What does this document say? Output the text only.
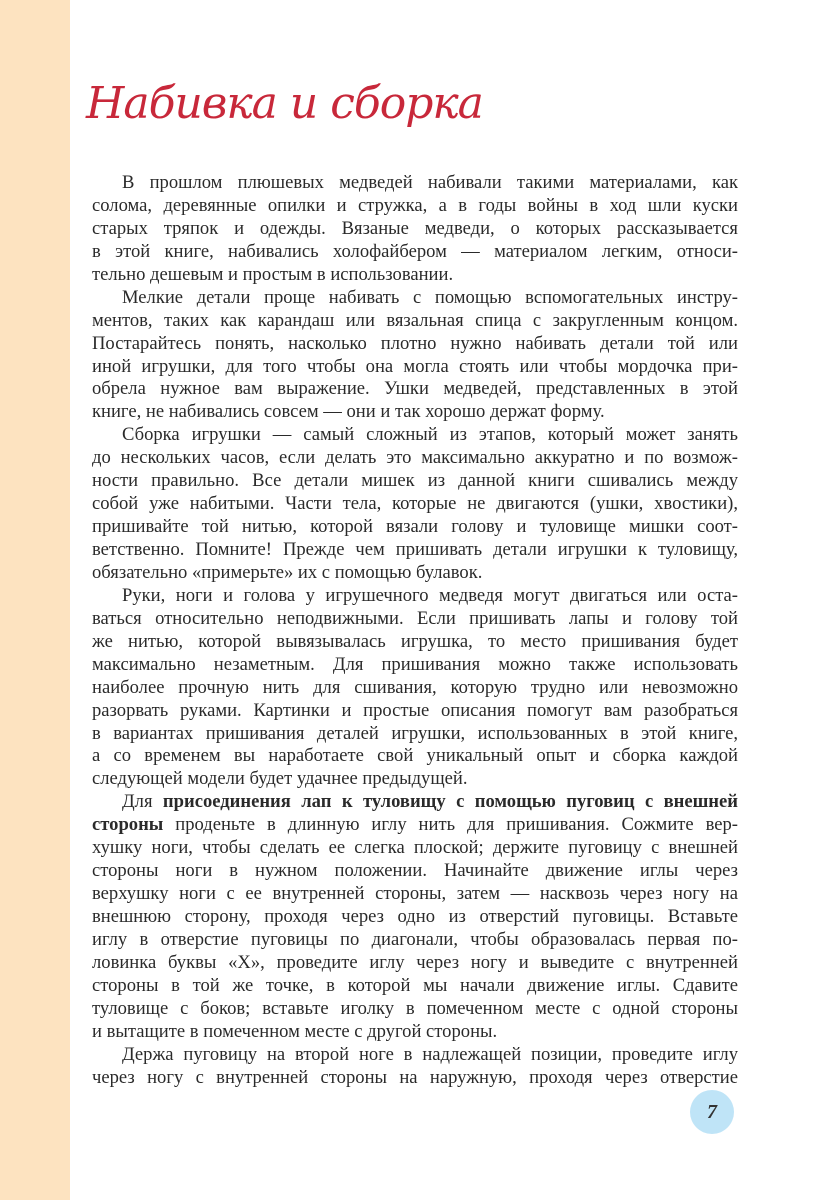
Набивка и сборка
В прошлом плюшевых медведей набивали такими материалами, как
солома, деревянные опилки и стружка, а в годы войны в ход шли куски
старых тряпок и одежды. Вязаные медведи, о которых рассказывается
в этой книге, набивались холофайбером — материалом легким, относи-
тельно дешевым и простым в использовании.
Мелкие детали проще набивать с помощью вспомогательных инстру-
ментов, таких как карандаш или вязальная спица с закругленным концом.
Постарайтесь понять, насколько плотно нужно набивать детали той или
иной игрушки, для того чтобы она могла стоять или чтобы мордочка при-
обрела нужное вам выражение. Ушки медведей, представленных в этой
книге, не набивались совсем — они и так хорошо держат форму.
Сборка игрушки — самый сложный из этапов, который может занять
до нескольких часов, если делать это максимально аккуратно и по возмож-
ности правильно. Все детали мишек из данной книги сшивались между
собой уже набитыми. Части тела, которые не двигаются (ушки, хвостики),
пришивайте той нитью, которой вязали голову и туловище мишки соот-
ветственно. Помните! Прежде чем пришивать детали игрушки к туловищу,
обязательно «примерьте» их с помощью булавок.
Руки, ноги и голова у игрушечного медведя могут двигаться или оста-
ваться относительно неподвижными. Если пришивать лапы и голову той
же нитью, которой вывязывалась игрушка, то место пришивания будет
максимально незаметным. Для пришивания можно также использовать
наиболее прочную нить для сшивания, которую трудно или невозможно
разорвать руками. Картинки и простые описания помогут вам разобраться
в вариантах пришивания деталей игрушки, использованных в этой книге,
а со временем вы наработаете свой уникальный опыт и сборка каждой
следующей модели будет удачнее предыдущей.
Для присоединения лап к туловищу с помощью пуговиц с внешней
стороны проденьте в длинную иглу нить для пришивания. Сожмите вер-
хушку ноги, чтобы сделать ее слегка плоской; держите пуговицу с внешней
стороны ноги в нужном положении. Начинайте движение иглы через
верхушку ноги с ее внутренней стороны, затем — насквозь через ногу на
внешнюю сторону, проходя через одно из отверстий пуговицы. Вставьте
иглу в отверстие пуговицы по диагонали, чтобы образовалась первая по-
ловинка буквы «Х», проведите иглу через ногу и выведите с внутренней
стороны в той же точке, в которой мы начали движение иглы. Сдавите
туловище с боков; вставьте иголку в помеченном месте с одной стороны
и вытащите в помеченном месте с другой стороны.
Держа пуговицу на второй ноге в надлежащей позиции, проведите иглу
через ногу с внутренней стороны на наружную, проходя через отверстие
7
